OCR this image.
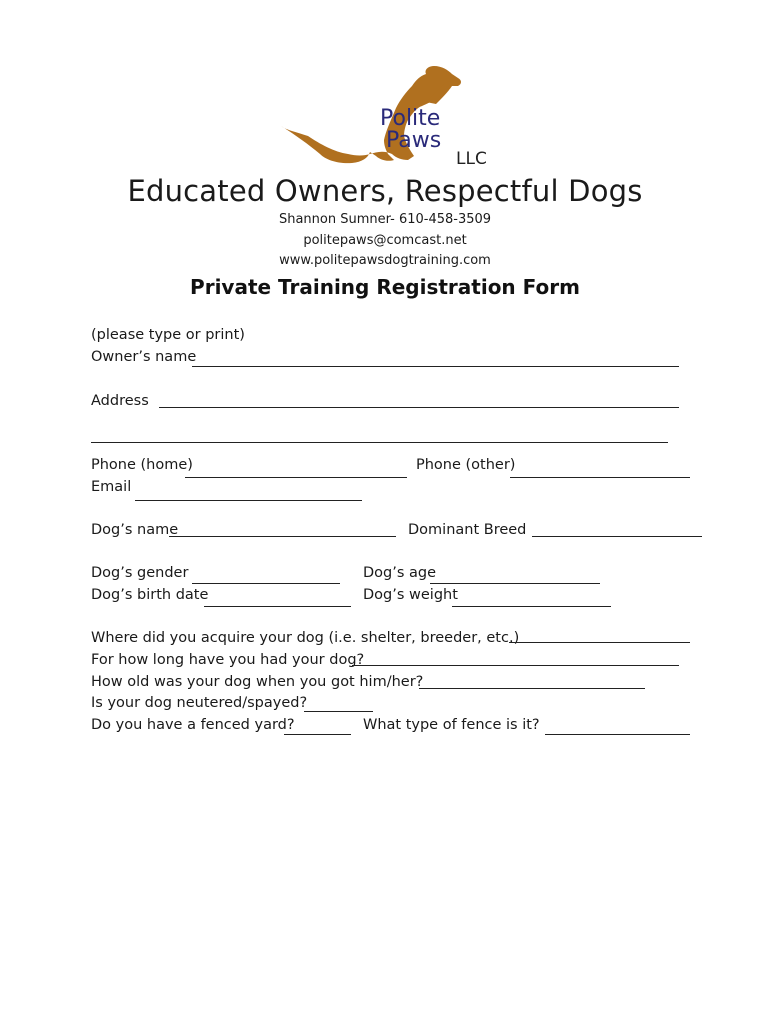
Polite
Paws
LLC
Educated Owners, Respectful Dogs
Shannon Sumner- 610-458-3509
politepaws@comcast.net
www.politepawsdogtraining.com
Private Training Registration Form
(please type or print)
Owner’s name
Address
Phone (home)	Phone (other)
Email
Dog’s name	Dominant Breed
Dog’s gender	Dog’s age
Dog’s birth date	Dog’s weight
Where did you acquire your dog (i.e. shelter, breeder, etc.)
For how long have you had your dog?
How old was your dog when you got him/her?
Is your dog neutered/spayed?
Do you have a fenced yard?	What type of fence is it?
